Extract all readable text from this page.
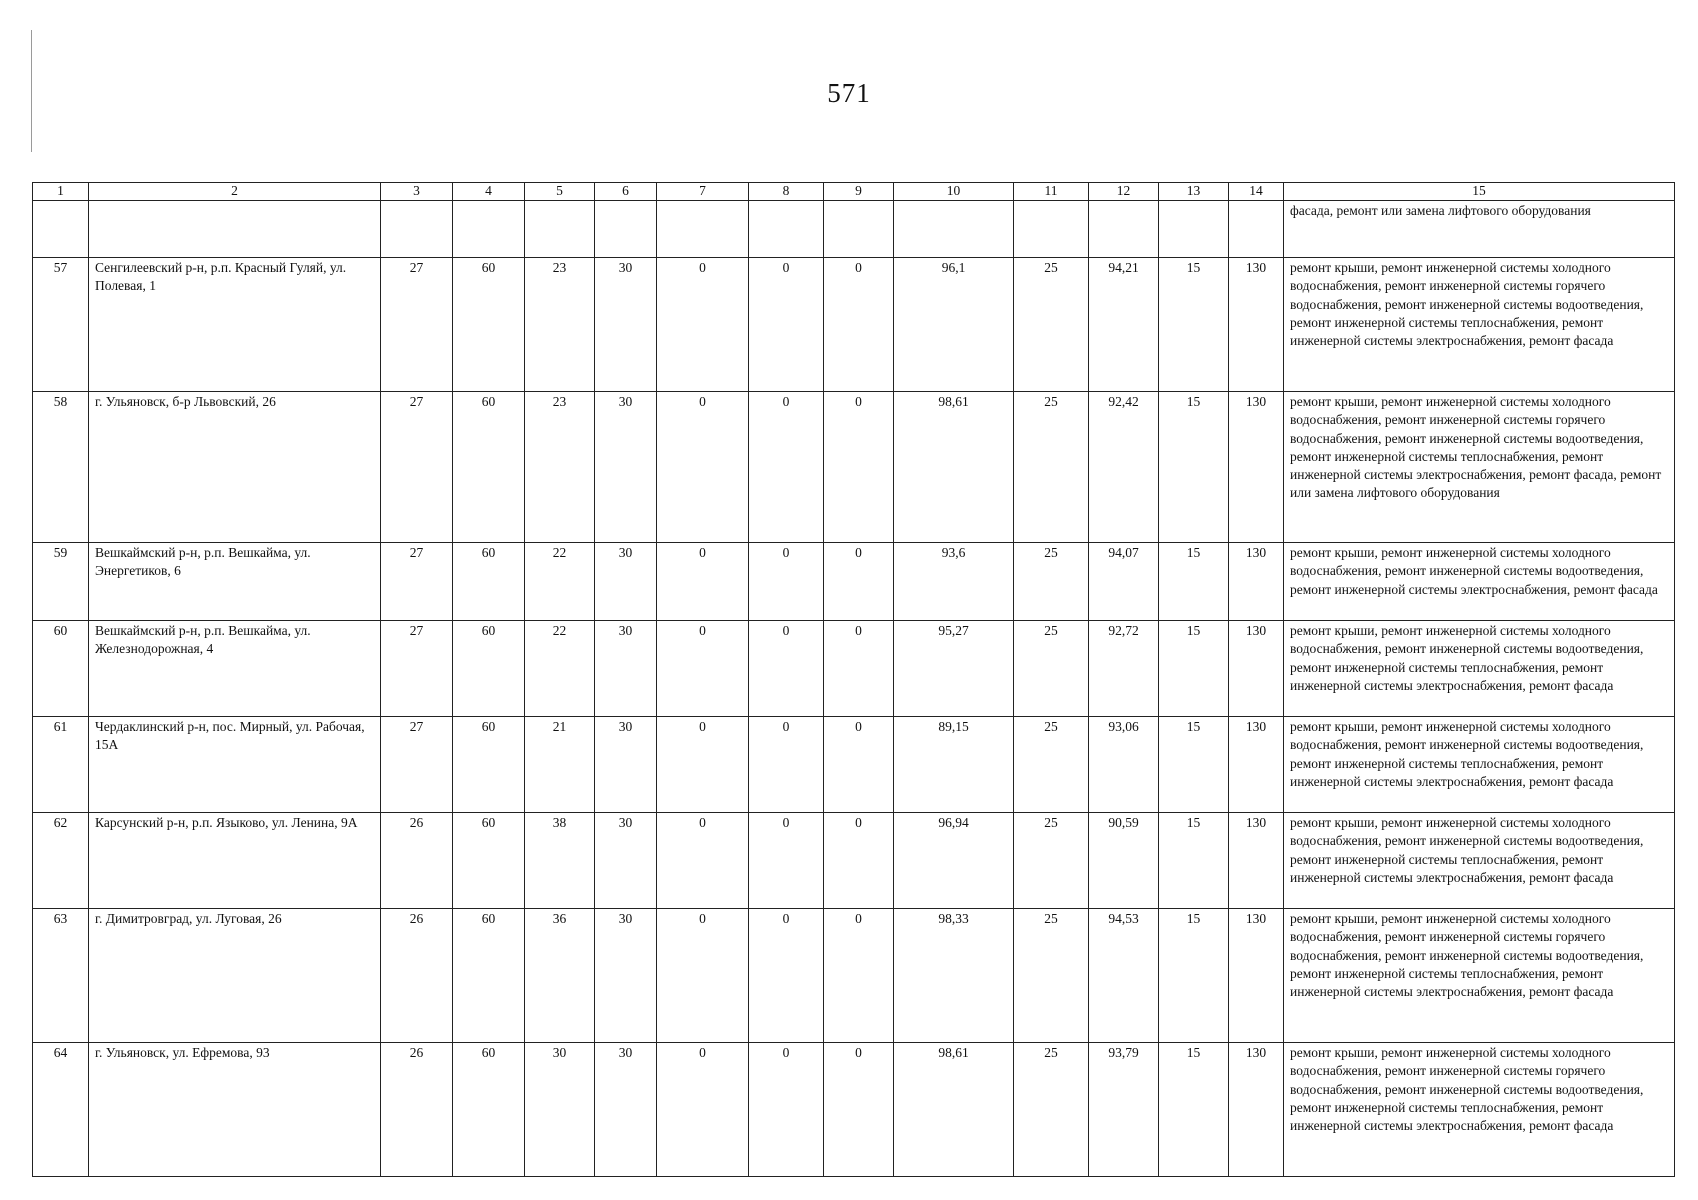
571
1	2	3	4	5	6	7	8	9	10	11	12	13	14	15
														фасада, ремонт или замена лифтового оборудования
57	Сенгилеевский р-н, р.п. Красный Гуляй, ул. Полевая, 1	27	60	23	30	0	0	0	96,1	25	94,21	15	130	ремонт крыши, ремонт инженерной системы холодного водоснабжения, ремонт инженерной системы горячего водоснабжения, ремонт инженерной системы водоотведения, ремонт инженерной системы теплоснабжения, ремонт инженерной системы электроснабжения, ремонт фасада
58	г. Ульяновск, б-р Львовский, 26	27	60	23	30	0	0	0	98,61	25	92,42	15	130	ремонт крыши, ремонт инженерной системы холодного водоснабжения, ремонт инженерной системы горячего водоснабжения, ремонт инженерной системы водоотведения, ремонт инженерной системы теплоснабжения, ремонт инженерной системы электроснабжения, ремонт фасада, ремонт или замена лифтового оборудования
59	Вешкаймский р-н, р.п. Вешкайма, ул. Энергетиков, 6	27	60	22	30	0	0	0	93,6	25	94,07	15	130	ремонт крыши, ремонт инженерной системы холодного водоснабжения, ремонт инженерной системы водоотведения, ремонт инженерной системы электроснабжения, ремонт фасада
60	Вешкаймский р-н, р.п. Вешкайма, ул. Железнодорожная, 4	27	60	22	30	0	0	0	95,27	25	92,72	15	130	ремонт крыши, ремонт инженерной системы холодного водоснабжения, ремонт инженерной системы водоотведения, ремонт инженерной системы теплоснабжения, ремонт инженерной системы электроснабжения, ремонт фасада
61	Чердаклинский р-н, пос. Мирный, ул. Рабочая, 15А	27	60	21	30	0	0	0	89,15	25	93,06	15	130	ремонт крыши, ремонт инженерной системы холодного водоснабжения, ремонт инженерной системы водоотведения, ремонт инженерной системы теплоснабжения, ремонт инженерной системы электроснабжения, ремонт фасада
62	Карсунский р-н, р.п. Языково, ул. Ленина, 9А	26	60	38	30	0	0	0	96,94	25	90,59	15	130	ремонт крыши, ремонт инженерной системы холодного водоснабжения, ремонт инженерной системы водоотведения, ремонт инженерной системы теплоснабжения, ремонт инженерной системы электроснабжения, ремонт фасада
63	г. Димитровград, ул. Луговая, 26	26	60	36	30	0	0	0	98,33	25	94,53	15	130	ремонт крыши, ремонт инженерной системы холодного водоснабжения, ремонт инженерной системы горячего водоснабжения, ремонт инженерной системы водоотведения, ремонт инженерной системы теплоснабжения, ремонт инженерной системы электроснабжения, ремонт фасада
64	г. Ульяновск, ул. Ефремова, 93	26	60	30	30	0	0	0	98,61	25	93,79	15	130	ремонт крыши, ремонт инженерной системы холодного водоснабжения, ремонт инженерной системы горячего водоснабжения, ремонт инженерной системы водоотведения, ремонт инженерной системы теплоснабжения, ремонт инженерной системы электроснабжения, ремонт фасада
